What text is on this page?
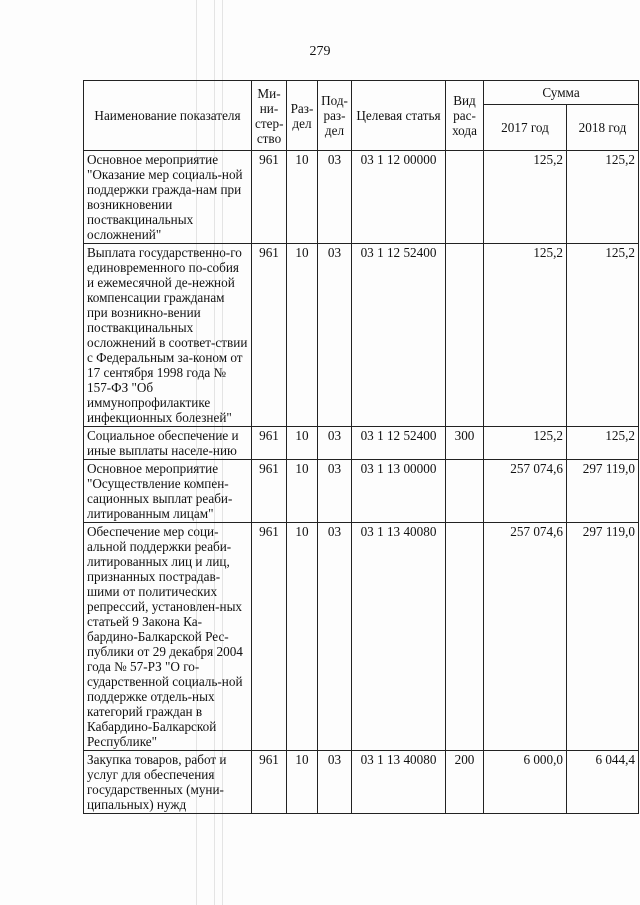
279
Наименование показателя	Ми-ни-стер-ство	Раз-дел	Под-раз-дел	Целевая статья	Вид рас-хода	Сумма	
						2017 год	2018 год
Основное мероприятие "Оказание мер социаль-ной поддержки гражда-нам при возникновении поствакцинальных осложнений"	961	10	03	03 1 12 00000		125,2	125,2
Выплата государственно-го единовременного по-собия и ежемесячной де-нежной компенсации гражданам при возникно-вении поствакцинальных осложнений в соответ-ствии с Федеральным за-коном от 17 сентября 1998 года № 157-ФЗ "Об иммунопрофилактике инфекционных болезней"	961	10	03	03 1 12 52400		125,2	125,2
Социальное обеспечение и иные выплаты населе-нию	961	10	03	03 1 12 52400	300	125,2	125,2
Основное мероприятие "Осуществление компен-сационных выплат реаби-литированным лицам"	961	10	03	03 1 13 00000		257 074,6	297 119,0
Обеспечение мер соци-альной поддержки реаби-литированных лиц и лиц, признанных пострадав-шими от политических репрессий, установлен-ных статьей 9 Закона Ка-бардино-Балкарской Рес-публики от 29 декабря 2004 года № 57-РЗ "О го-сударственной социаль-ной поддержке отдель-ных категорий граждан в Кабардино-Балкарской Республике"	961	10	03	03 1 13 40080		257 074,6	297 119,0
Закупка товаров, работ и услуг для обеспечения государственных (муни-ципальных) нужд	961	10	03	03 1 13 40080	200	6 000,0	6 044,4
